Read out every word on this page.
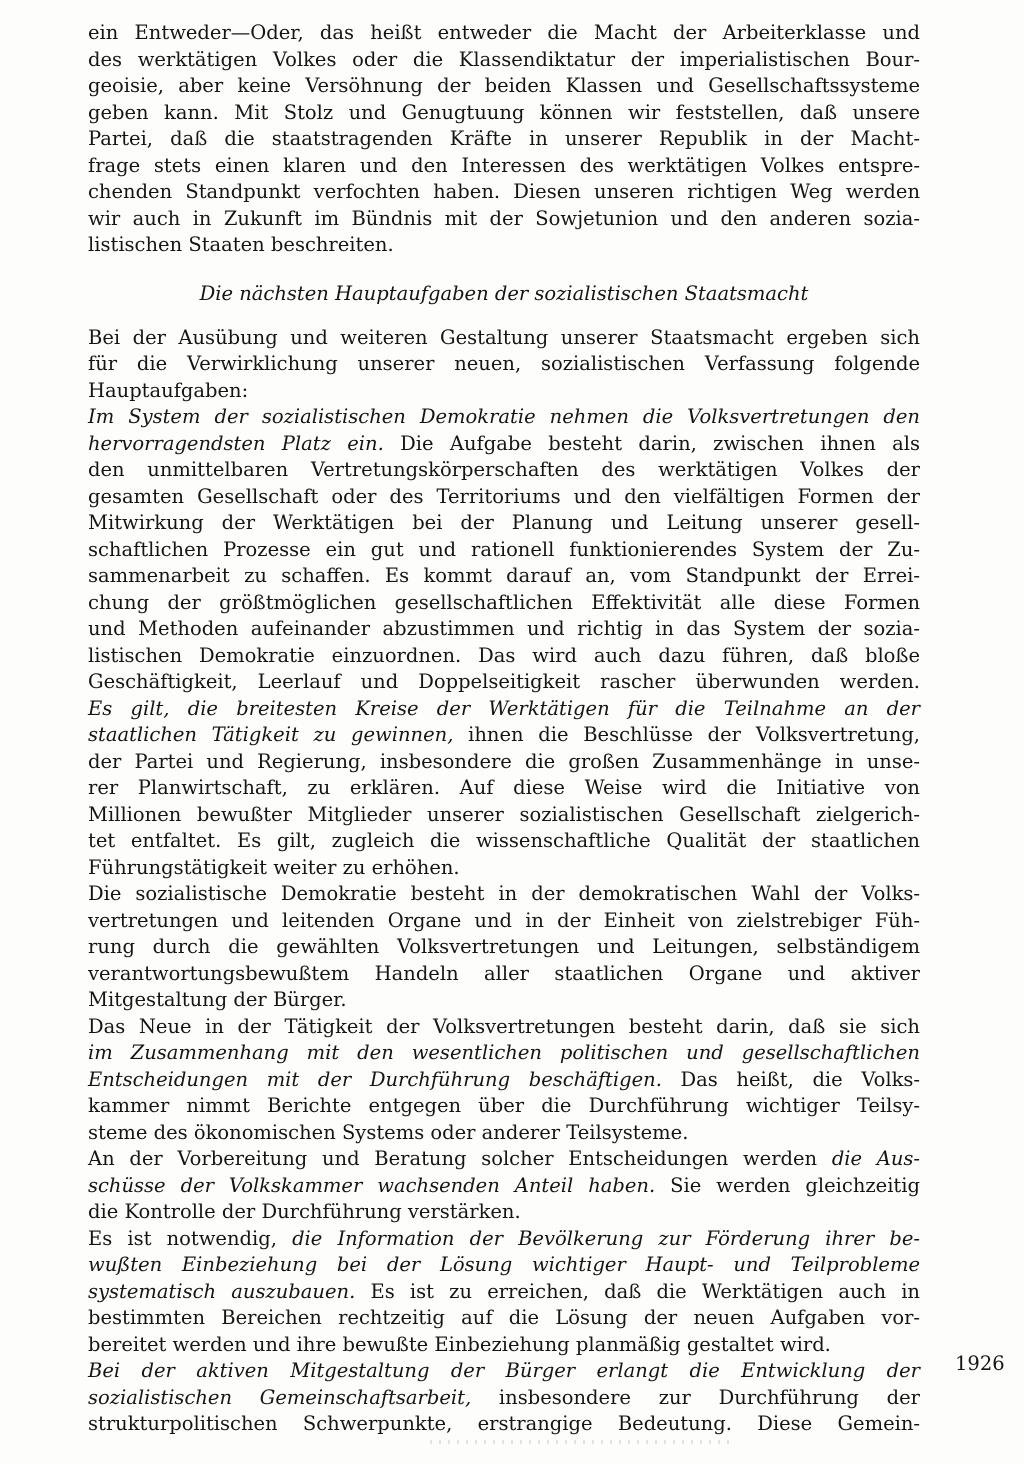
ein Entweder—Oder, das heißt entweder die Macht der Arbeiterklasse und
des werktätigen Volkes oder die Klassendiktatur der imperialistischen Bour-
geoisie, aber keine Versöhnung der beiden Klassen und Gesellschaftssysteme
geben kann. Mit Stolz und Genugtuung können wir feststellen, daß unsere
Partei, daß die staatstragenden Kräfte in unserer Republik in der Macht-
frage stets einen klaren und den Interessen des werktätigen Volkes entspre-
chenden Standpunkt verfochten haben. Diesen unseren richtigen Weg werden
wir auch in Zukunft im Bündnis mit der Sowjetunion und den anderen sozia-
listischen Staaten beschreiten.
Die nächsten Hauptaufgaben der sozialistischen Staatsmacht
Bei der Ausübung und weiteren Gestaltung unserer Staatsmacht ergeben sich
für die Verwirklichung unserer neuen, sozialistischen Verfassung folgende
Hauptaufgaben:
Im System der sozialistischen Demokratie nehmen die Volksvertretungen den
hervorragendsten Platz ein. Die Aufgabe besteht darin, zwischen ihnen als
den unmittelbaren Vertretungskörperschaften des werktätigen Volkes der
gesamten Gesellschaft oder des Territoriums und den vielfältigen Formen der
Mitwirkung der Werktätigen bei der Planung und Leitung unserer gesell-
schaftlichen Prozesse ein gut und rationell funktionierendes System der Zu-
sammenarbeit zu schaffen. Es kommt darauf an, vom Standpunkt der Errei-
chung der größtmöglichen gesellschaftlichen Effektivität alle diese Formen
und Methoden aufeinander abzustimmen und richtig in das System der sozia-
listischen Demokratie einzuordnen. Das wird auch dazu führen, daß bloße
Geschäftigkeit, Leerlauf und Doppelseitigkeit rascher überwunden werden.
Es gilt, die breitesten Kreise der Werktätigen für die Teilnahme an der
staatlichen Tätigkeit zu gewinnen, ihnen die Beschlüsse der Volksvertretung,
der Partei und Regierung, insbesondere die großen Zusammenhänge in unse-
rer Planwirtschaft, zu erklären. Auf diese Weise wird die Initiative von
Millionen bewußter Mitglieder unserer sozialistischen Gesellschaft zielgerich-
tet entfaltet. Es gilt, zugleich die wissenschaftliche Qualität der staatlichen
Führungstätigkeit weiter zu erhöhen.
Die sozialistische Demokratie besteht in der demokratischen Wahl der Volks-
vertretungen und leitenden Organe und in der Einheit von zielstrebiger Füh-
rung durch die gewählten Volksvertretungen und Leitungen, selbständigem
verantwortungsbewußtem Handeln aller staatlichen Organe und aktiver
Mitgestaltung der Bürger.
Das Neue in der Tätigkeit der Volksvertretungen besteht darin, daß sie sich
im Zusammenhang mit den wesentlichen politischen und gesellschaftlichen
Entscheidungen mit der Durchführung beschäftigen. Das heißt, die Volks-
kammer nimmt Berichte entgegen über die Durchführung wichtiger Teilsy-
steme des ökonomischen Systems oder anderer Teilsysteme.
An der Vorbereitung und Beratung solcher Entscheidungen werden die Aus-
schüsse der Volkskammer wachsenden Anteil haben. Sie werden gleichzeitig
die Kontrolle der Durchführung verstärken.
Es ist notwendig, die Information der Bevölkerung zur Förderung ihrer be-
wußten Einbeziehung bei der Lösung wichtiger Haupt- und Teilprobleme
systematisch auszubauen. Es ist zu erreichen, daß die Werktätigen auch in
bestimmten Bereichen rechtzeitig auf die Lösung der neuen Aufgaben vor-
bereitet werden und ihre bewußte Einbeziehung planmäßig gestaltet wird.
Bei der aktiven Mitgestaltung der Bürger erlangt die Entwicklung der
sozialistischen Gemeinschaftsarbeit, insbesondere zur Durchführung der
strukturpolitischen Schwerpunkte, erstrangige Bedeutung. Diese Gemein-
1926
